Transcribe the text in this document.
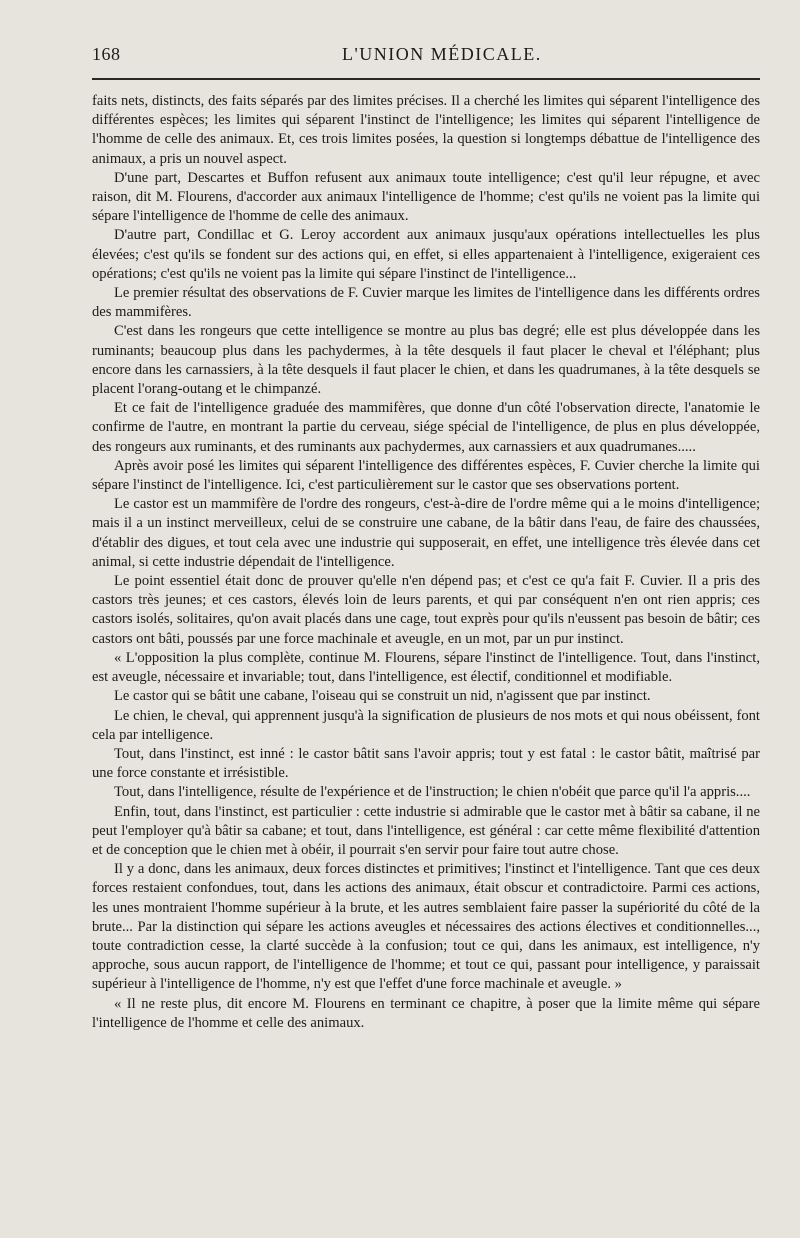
168	L'UNION MÉDICALE.

faits nets, distincts, des faits séparés par des limites précises. Il a cherché les limites qui séparent l'intelligence des différentes espèces; les limites qui séparent l'instinct de l'intelligence; les limites qui séparent l'intelligence de l'homme de celle des animaux. Et, ces trois limites posées, la question si longtemps débattue de l'intelligence des animaux, a pris un nouvel aspect.

D'une part, Descartes et Buffon refusent aux animaux toute intelligence; c'est qu'il leur répugne, et avec raison, dit M. Flourens, d'accorder aux animaux l'intelligence de l'homme; c'est qu'ils ne voient pas la limite qui sépare l'intelligence de l'homme de celle des animaux.

D'autre part, Condillac et G. Leroy accordent aux animaux jusqu'aux opérations intellectuelles les plus élevées; c'est qu'ils se fondent sur des actions qui, en effet, si elles appartenaient à l'intelligence, exigeraient ces opérations; c'est qu'ils ne voient pas la limite qui sépare l'instinct de l'intelligence...

Le premier résultat des observations de F. Cuvier marque les limites de l'intelligence dans les différents ordres des mammifères.

C'est dans les rongeurs que cette intelligence se montre au plus bas degré; elle est plus développée dans les ruminants; beaucoup plus dans les pachydermes, à la tête desquels il faut placer le cheval et l'éléphant; plus encore dans les carnassiers, à la tête desquels il faut placer le chien, et dans les quadrumanes, à la tête desquels se placent l'orang-outang et le chimpanzé.

Et ce fait de l'intelligence graduée des mammifères, que donne d'un côté l'observation directe, l'anatomie le confirme de l'autre, en montrant la partie du cerveau, siége spécial de l'intelligence, de plus en plus développée, des rongeurs aux ruminants, et des ruminants aux pachydermes, aux carnassiers et aux quadrumanes.....

Après avoir posé les limites qui séparent l'intelligence des différentes espèces, F. Cuvier cherche la limite qui sépare l'instinct de l'intelligence. Ici, c'est particulièrement sur le castor que ses observations portent.

Le castor est un mammifère de l'ordre des rongeurs, c'est-à-dire de l'ordre même qui a le moins d'intelligence; mais il a un instinct merveilleux, celui de se construire une cabane, de la bâtir dans l'eau, de faire des chaussées, d'établir des digues, et tout cela avec une industrie qui supposerait, en effet, une intelligence très élevée dans cet animal, si cette industrie dépendait de l'intelligence.

Le point essentiel était donc de prouver qu'elle n'en dépend pas; et c'est ce qu'a fait F. Cuvier. Il a pris des castors très jeunes; et ces castors, élevés loin de leurs parents, et qui par conséquent n'en ont rien appris; ces castors isolés, solitaires, qu'on avait placés dans une cage, tout exprès pour qu'ils n'eussent pas besoin de bâtir; ces castors ont bâti, poussés par une force machinale et aveugle, en un mot, par un pur instinct.

« L'opposition la plus complète, continue M. Flourens, sépare l'instinct de l'intelligence. Tout, dans l'instinct, est aveugle, nécessaire et invariable; tout, dans l'intelligence, est électif, conditionnel et modifiable.

Le castor qui se bâtit une cabane, l'oiseau qui se construit un nid, n'agissent que par instinct.

Le chien, le cheval, qui apprennent jusqu'à la signification de plusieurs de nos mots et qui nous obéissent, font cela par intelligence.

Tout, dans l'instinct, est inné : le castor bâtit sans l'avoir appris; tout y est fatal : le castor bâtit, maîtrisé par une force constante et irrésistible.

Tout, dans l'intelligence, résulte de l'expérience et de l'instruction; le chien n'obéit que parce qu'il l'a appris....

Enfin, tout, dans l'instinct, est particulier : cette industrie si admirable que le castor met à bâtir sa cabane, il ne peut l'employer qu'à bâtir sa cabane; et tout, dans l'intelligence, est général : car cette même flexibilité d'attention et de conception que le chien met à obéir, il pourrait s'en servir pour faire tout autre chose.

Il y a donc, dans les animaux, deux forces distinctes et primitives; l'instinct et l'intelligence. Tant que ces deux forces restaient confondues, tout, dans les actions des animaux, était obscur et contradictoire. Parmi ces actions, les unes montraient l'homme supérieur à la brute, et les autres semblaient faire passer la supériorité du côté de la brute... Par la distinction qui sépare les actions aveugles et nécessaires des actions électives et conditionnelles..., toute contradiction cesse, la clarté succède à la confusion; tout ce qui, dans les animaux, est intelligence, n'y approche, sous aucun rapport, de l'intelligence de l'homme; et tout ce qui, passant pour intelligence, y paraissait supérieur à l'intelligence de l'homme, n'y est que l'effet d'une force machinale et aveugle. »

« Il ne reste plus, dit encore M. Flourens en terminant ce chapitre, à poser que la limite même qui sépare l'intelligence de l'homme et celle des animaux.
